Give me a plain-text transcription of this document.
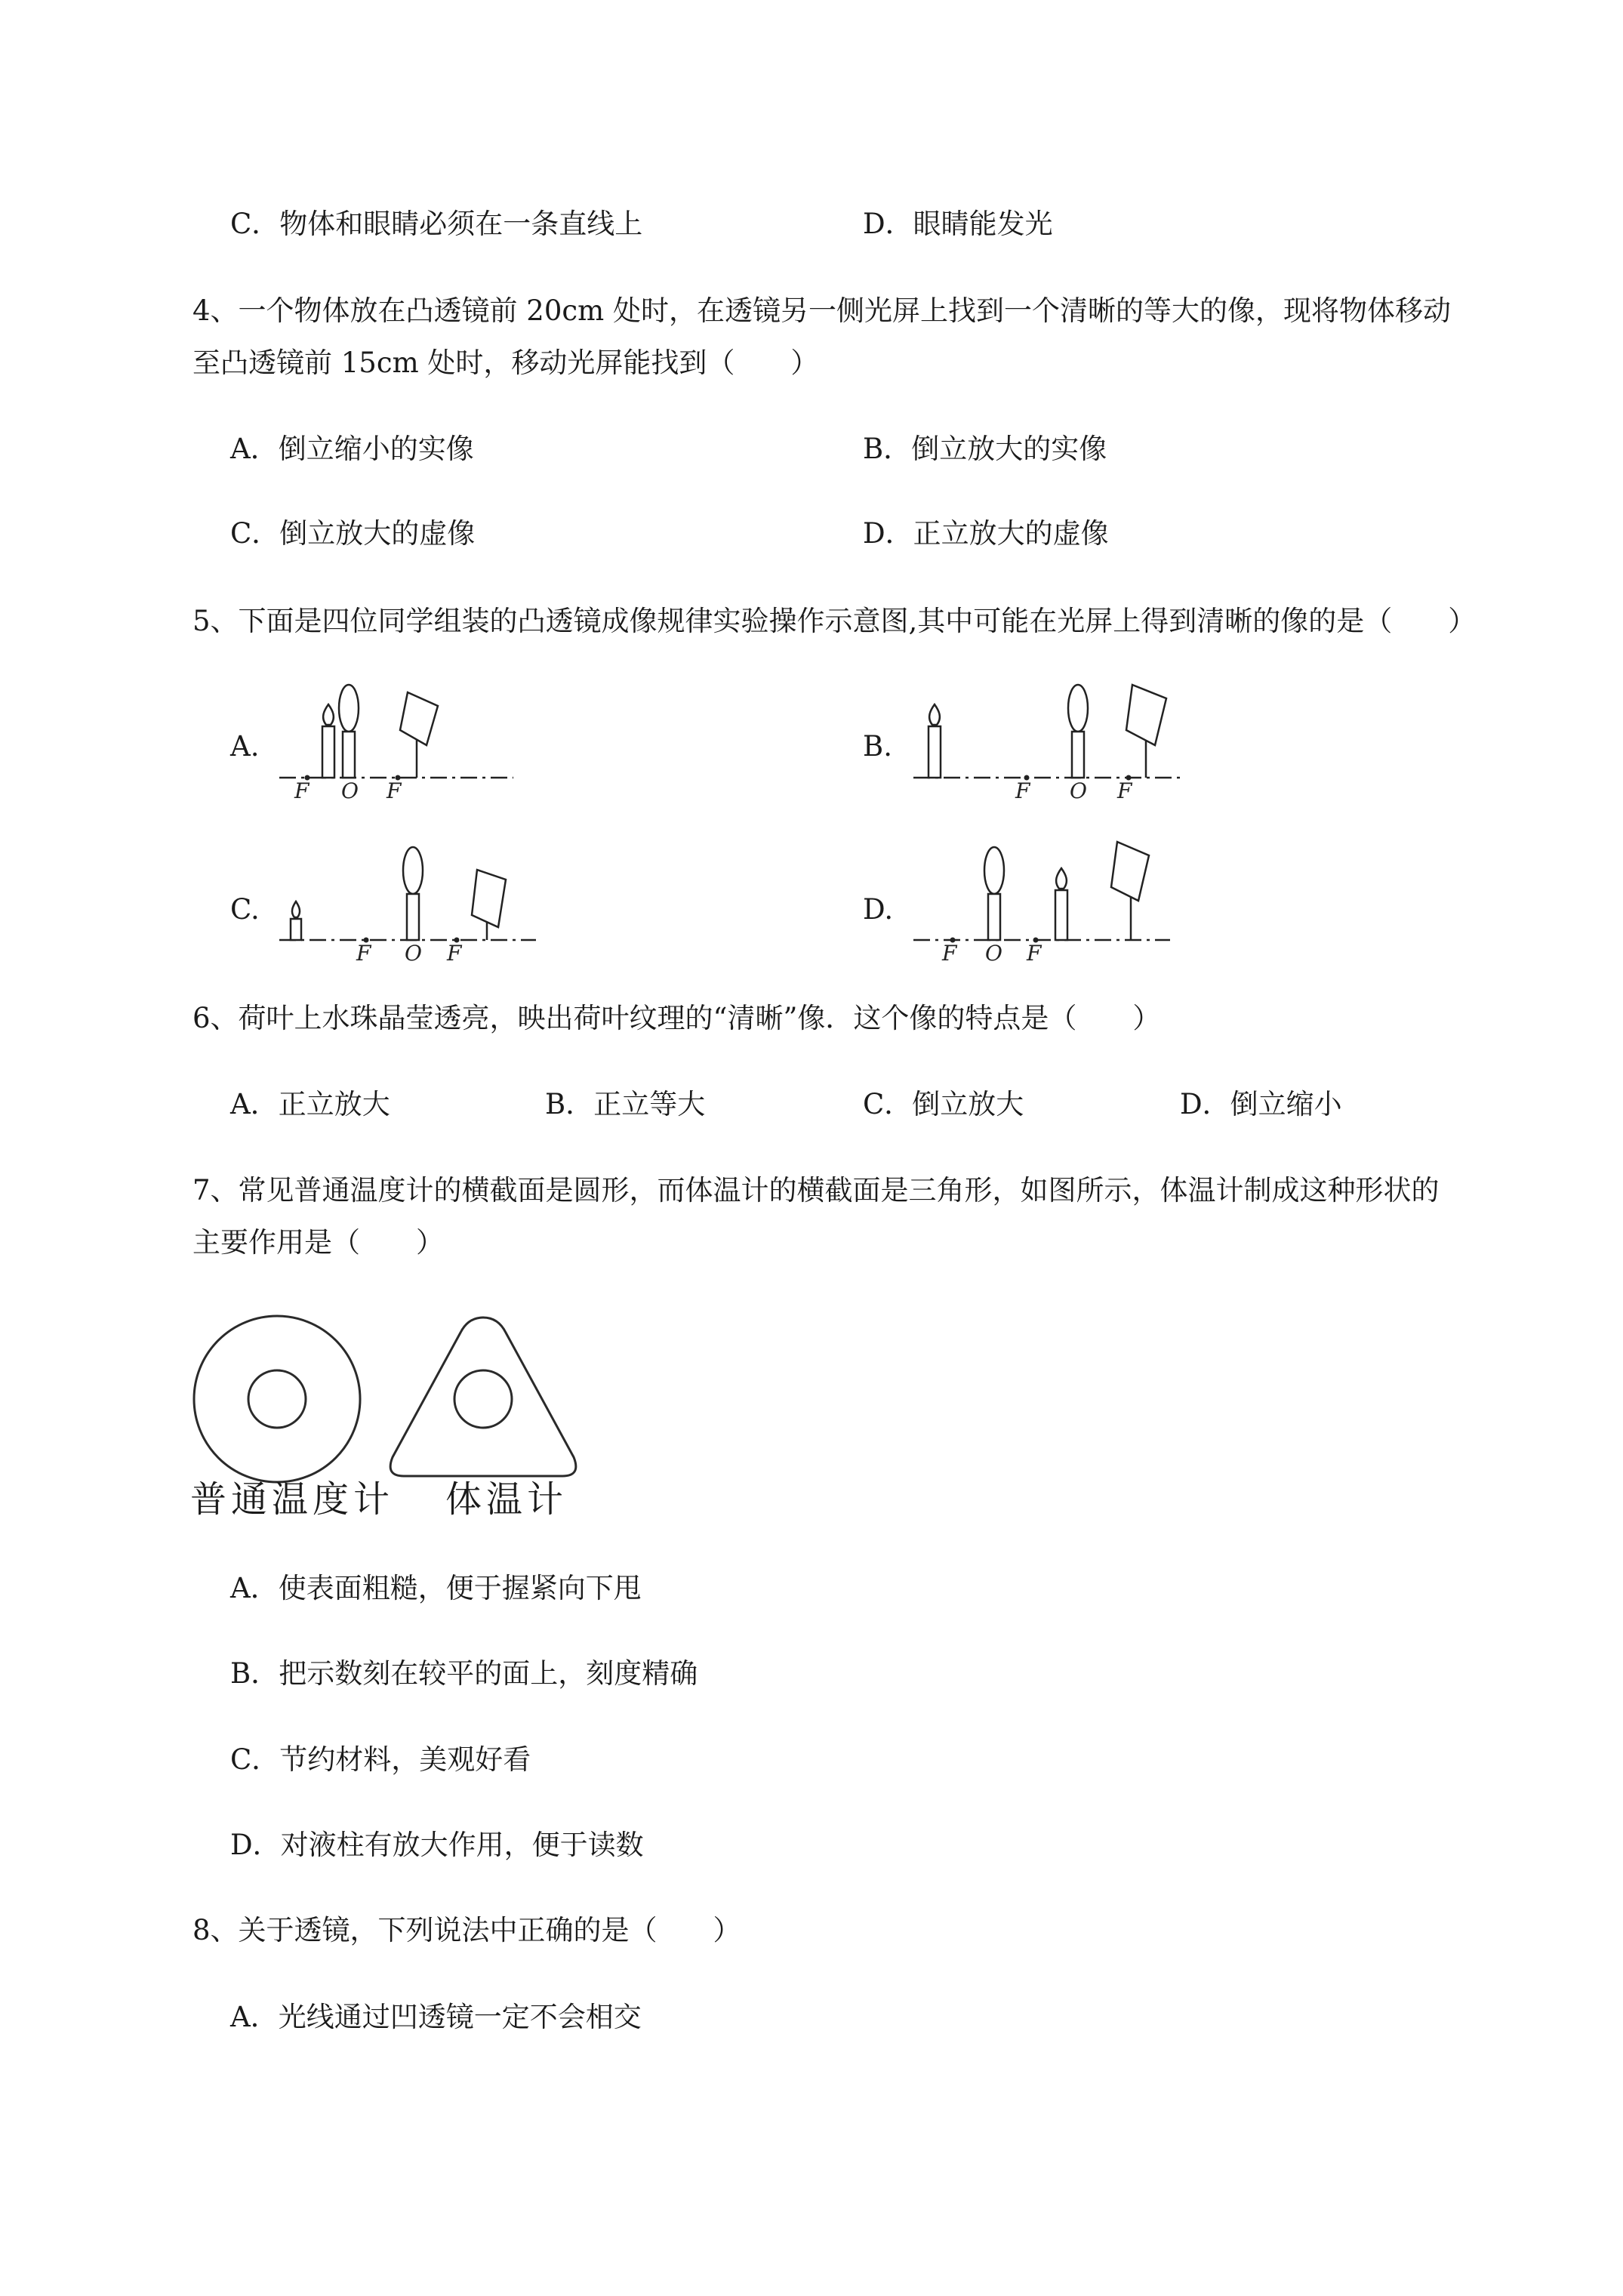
C．物体和眼睛必须在一条直线上	D．眼睛能发光
4、一个物体放在凸透镜前 20cm 处时，在透镜另一侧光屏上找到一个清晰的等大的像，现将物体移动
至凸透镜前 15cm 处时，移动光屏能找到（　　）
A．倒立缩小的实像	B．倒立放大的实像
C．倒立放大的虚像	D．正立放大的虚像
5、下面是四位同学组装的凸透镜成像规律实验操作示意图,其中可能在光屏上得到清晰的像的是（　　）
A.	B.
C.	D.
F O F	F O F
F O F	F O F
6、荷叶上水珠晶莹透亮，映出荷叶纹理的“清晰”像．这个像的特点是（　　）
A．正立放大	B．正立等大	C．倒立放大	D．倒立缩小
7、常见普通温度计的横截面是圆形，而体温计的横截面是三角形，如图所示，体温计制成这种形状的
主要作用是（　　）
普通温度计 体温计
A．使表面粗糙，便于握紧向下甩
B．把示数刻在较平的面上，刻度精确
C．节约材料，美观好看
D．对液柱有放大作用，便于读数
8、关于透镜，下列说法中正确的是（　　）
A．光线通过凹透镜一定不会相交
